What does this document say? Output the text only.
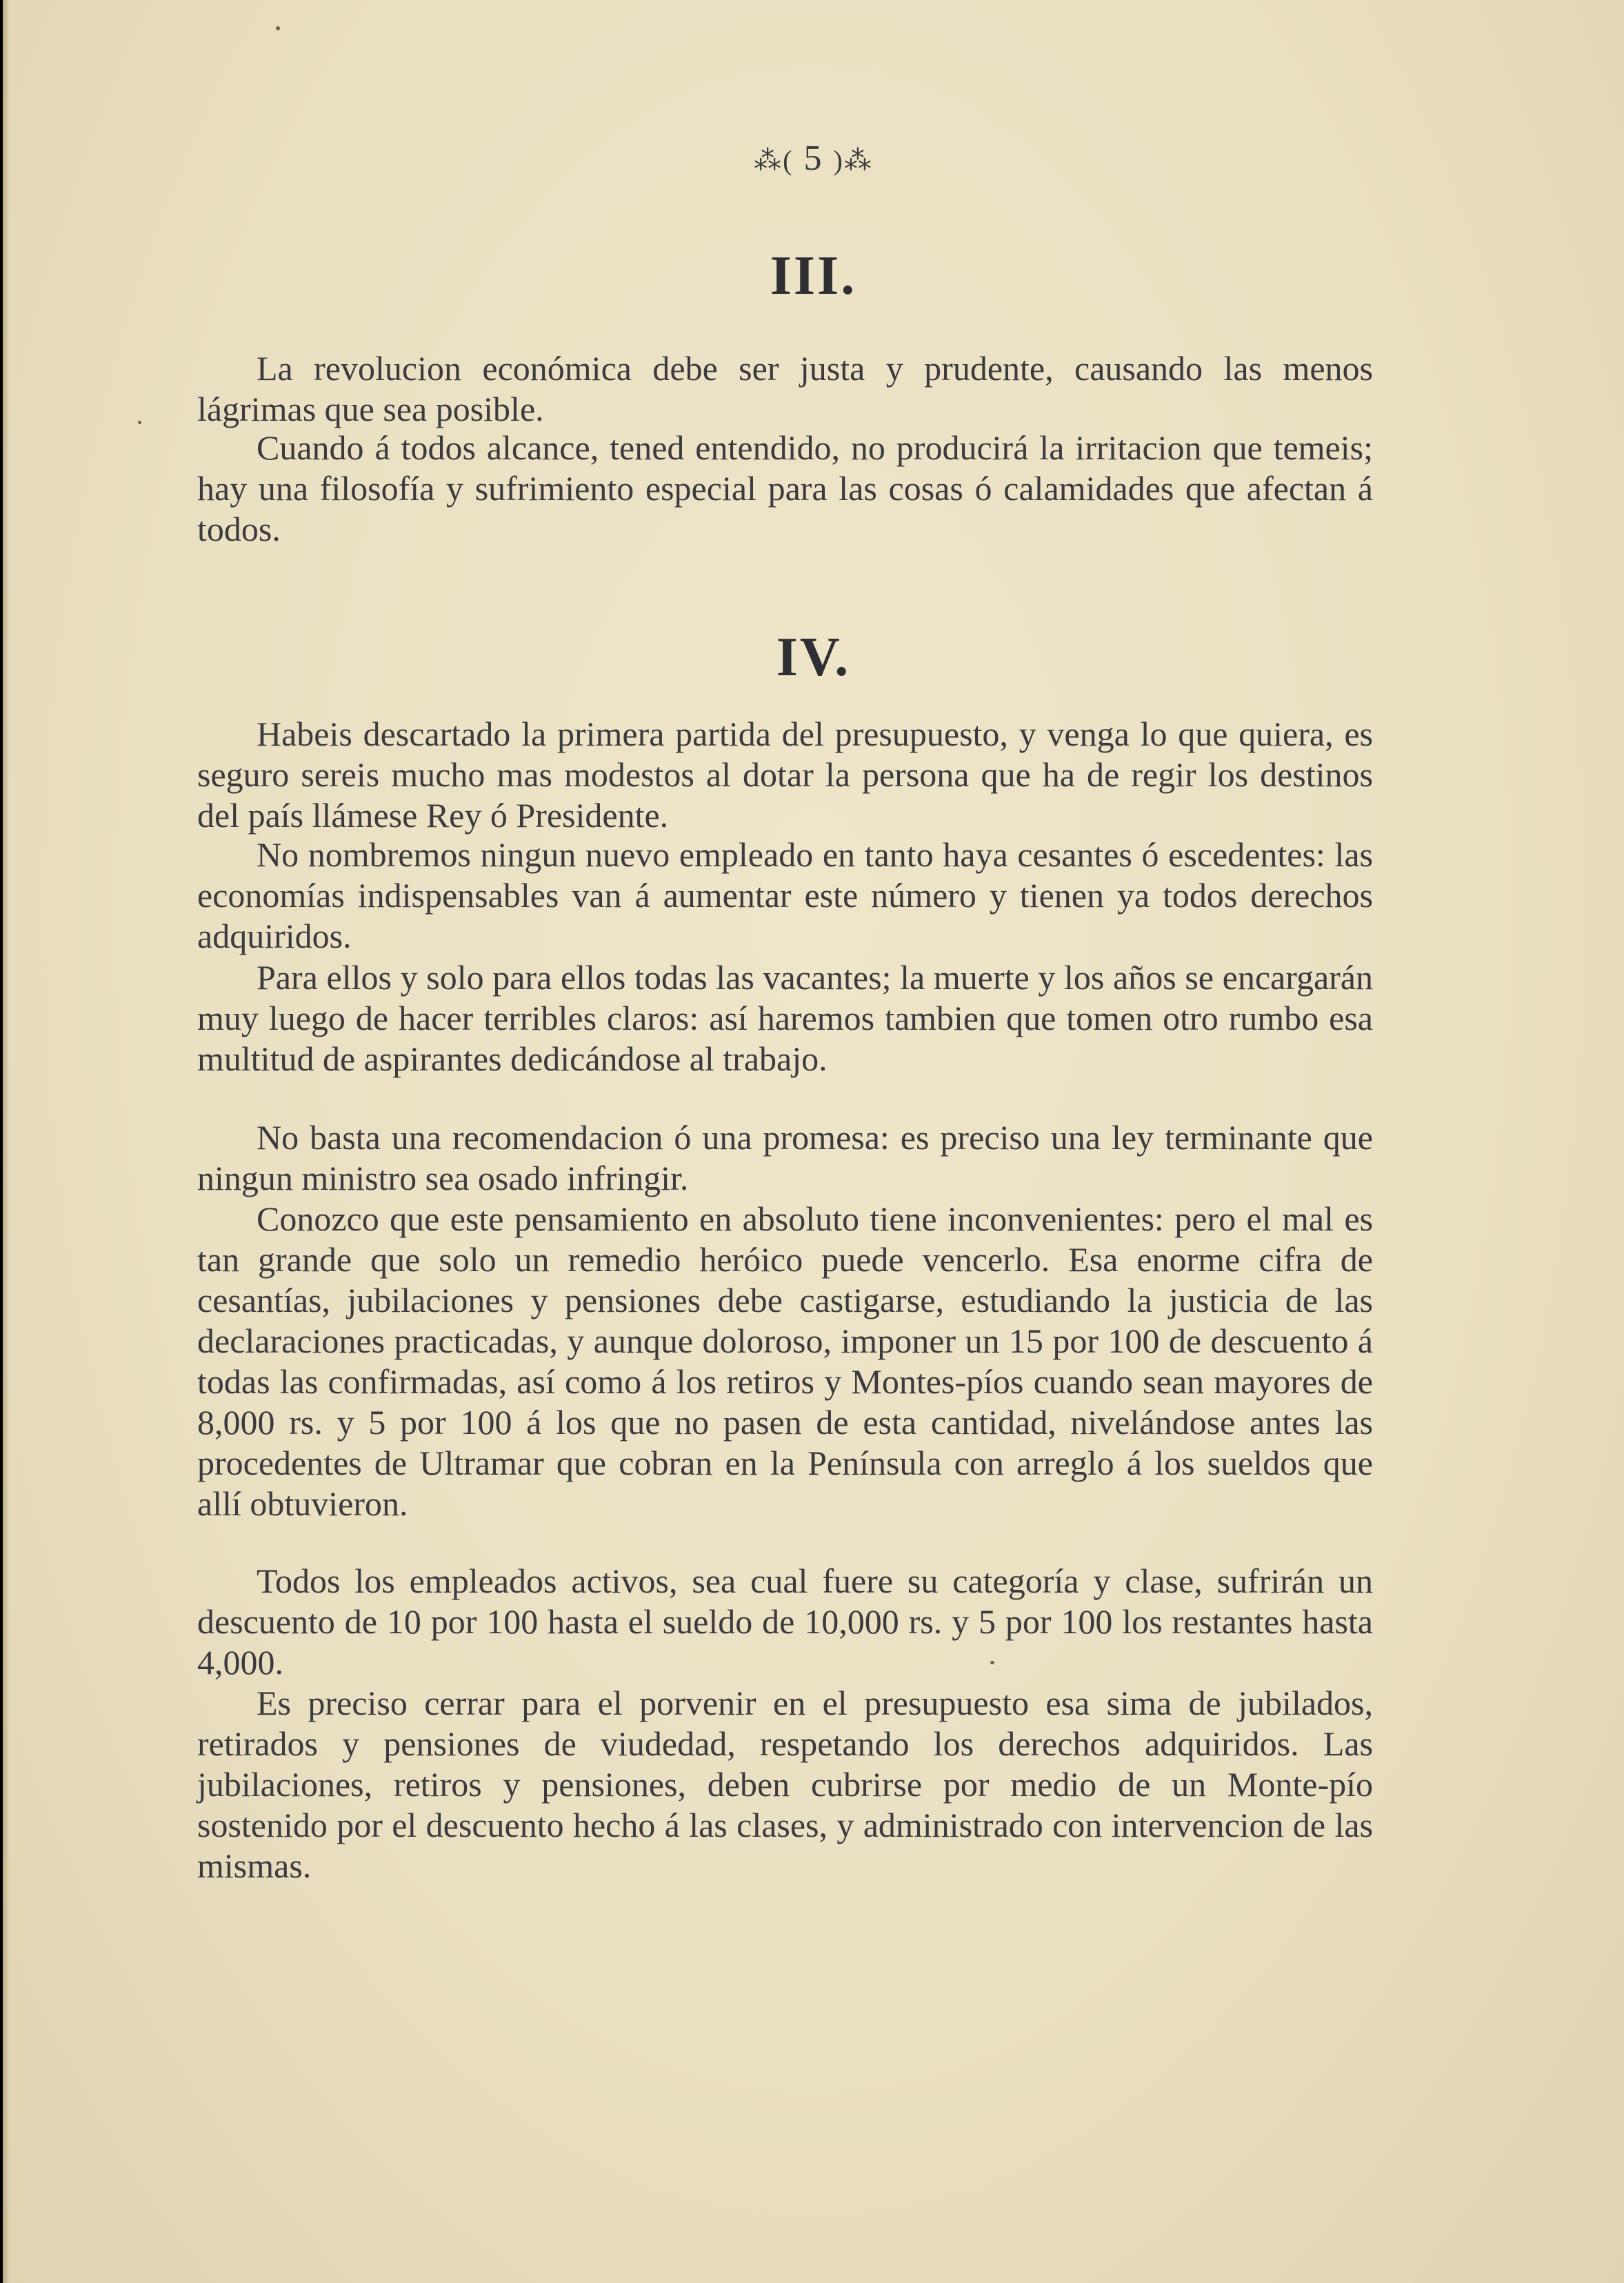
⁂( 5 )⁂
III.

La revolucion económica debe ser justa y prudente, causando las menos lágrimas que sea posible.

Cuando á todos alcance, tened entendido, no producirá la irritacion que temeis; hay una filosofía y sufrimiento especial para las cosas ó calamidades que afectan á todos.

IV.

Habeis descartado la primera partida del presupuesto, y venga lo que quiera, es seguro sereis mucho mas modestos al dotar la persona que ha de regir los destinos del país llámese Rey ó Presidente.

No nombremos ningun nuevo empleado en tanto haya cesantes ó escedentes: las economías indispensables van á aumentar este número y tienen ya todos derechos adquiridos.

Para ellos y solo para ellos todas las vacantes; la muerte y los años se encargarán muy luego de hacer terribles claros: así haremos tambien que tomen otro rumbo esa multitud de aspirantes dedicándose al trabajo.

No basta una recomendacion ó una promesa: es preciso una ley terminante que ningun ministro sea osado infringir.

Conozco que este pensamiento en absoluto tiene inconvenientes: pero el mal es tan grande que solo un remedio heróico puede vencerlo. Esa enorme cifra de cesantías, jubilaciones y pensiones debe castigarse, estudiando la justicia de las declaraciones practicadas, y aunque doloroso, imponer un 15 por 100 de descuento á todas las confirmadas, así como á los retiros y Montes-píos cuando sean mayores de 8,000 rs. y 5 por 100 á los que no pasen de esta cantidad, nivelándose antes las procedentes de Ultramar que cobran en la Península con arreglo á los sueldos que allí obtuvieron.

Todos los empleados activos, sea cual fuere su categoría y clase, sufrirán un descuento de 10 por 100 hasta el sueldo de 10,000 rs. y 5 por 100 los restantes hasta 4,000.

Es preciso cerrar para el porvenir en el presupuesto esa sima de jubilados, retirados y pensiones de viudedad, respetando los derechos adquiridos. Las jubilaciones, retiros y pensiones, deben cubrirse por medio de un Monte-pío sostenido por el descuento hecho á las clases, y administrado con intervencion de las mismas.
